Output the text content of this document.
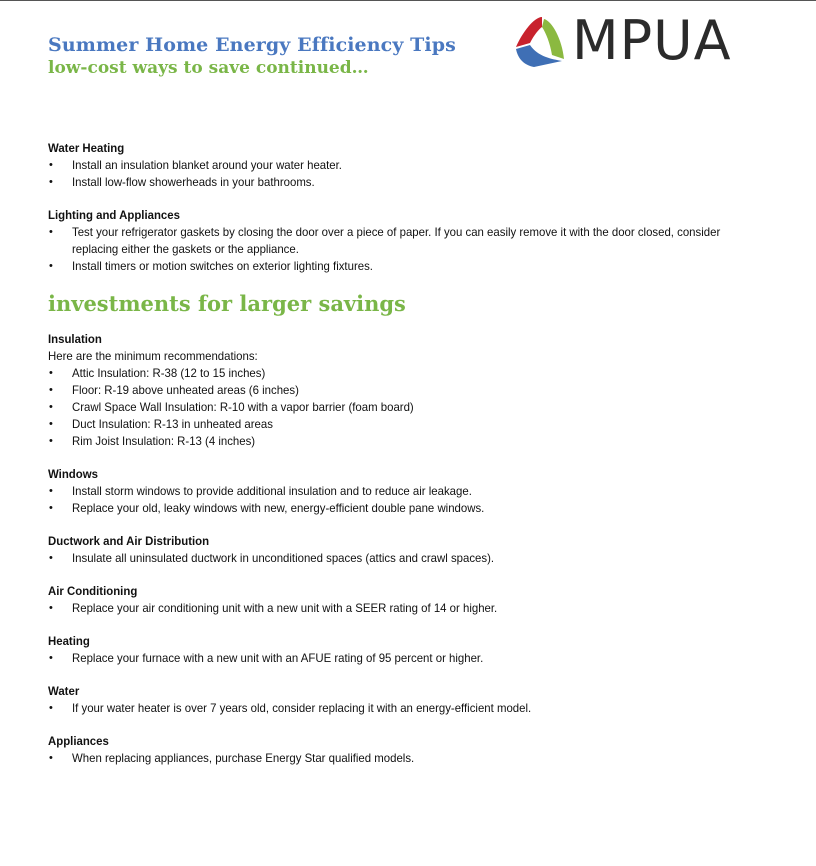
Summer Home Energy Efficiency Tips
low-cost ways to save continued…	MPUA

Water Heating

• Install an insulation blanket around your water heater.
• Install low-flow showerheads in your bathrooms.

Lighting and Appliances

• Test your refrigerator gaskets by closing the door over a piece of paper. If you can easily remove it with the door closed, consider replacing either the gaskets or the appliance.
• Install timers or motion switches on exterior lighting fixtures.
investments for larger savings

Insulation

Here are the minimum recommendations:

• Attic Insulation: R-38 (12 to 15 inches)
• Floor: R-19 above unheated areas (6 inches)
• Crawl Space Wall Insulation: R-10 with a vapor barrier (foam board)
• Duct Insulation: R-13 in unheated areas
• Rim Joist Insulation: R-13 (4 inches)

Windows

• Install storm windows to provide additional insulation and to reduce air leakage.
• Replace your old, leaky windows with new, energy-efficient double pane windows.

Ductwork and Air Distribution

• Insulate all uninsulated ductwork in unconditioned spaces (attics and crawl spaces).

Air Conditioning

• Replace your air conditioning unit with a new unit with a SEER rating of 14 or higher.

Heating

• Replace your furnace with a new unit with an AFUE rating of 95 percent or higher.

Water

• If your water heater is over 7 years old, consider replacing it with an energy-efficient model.

Appliances

• When replacing appliances, purchase Energy Star qualified models.
